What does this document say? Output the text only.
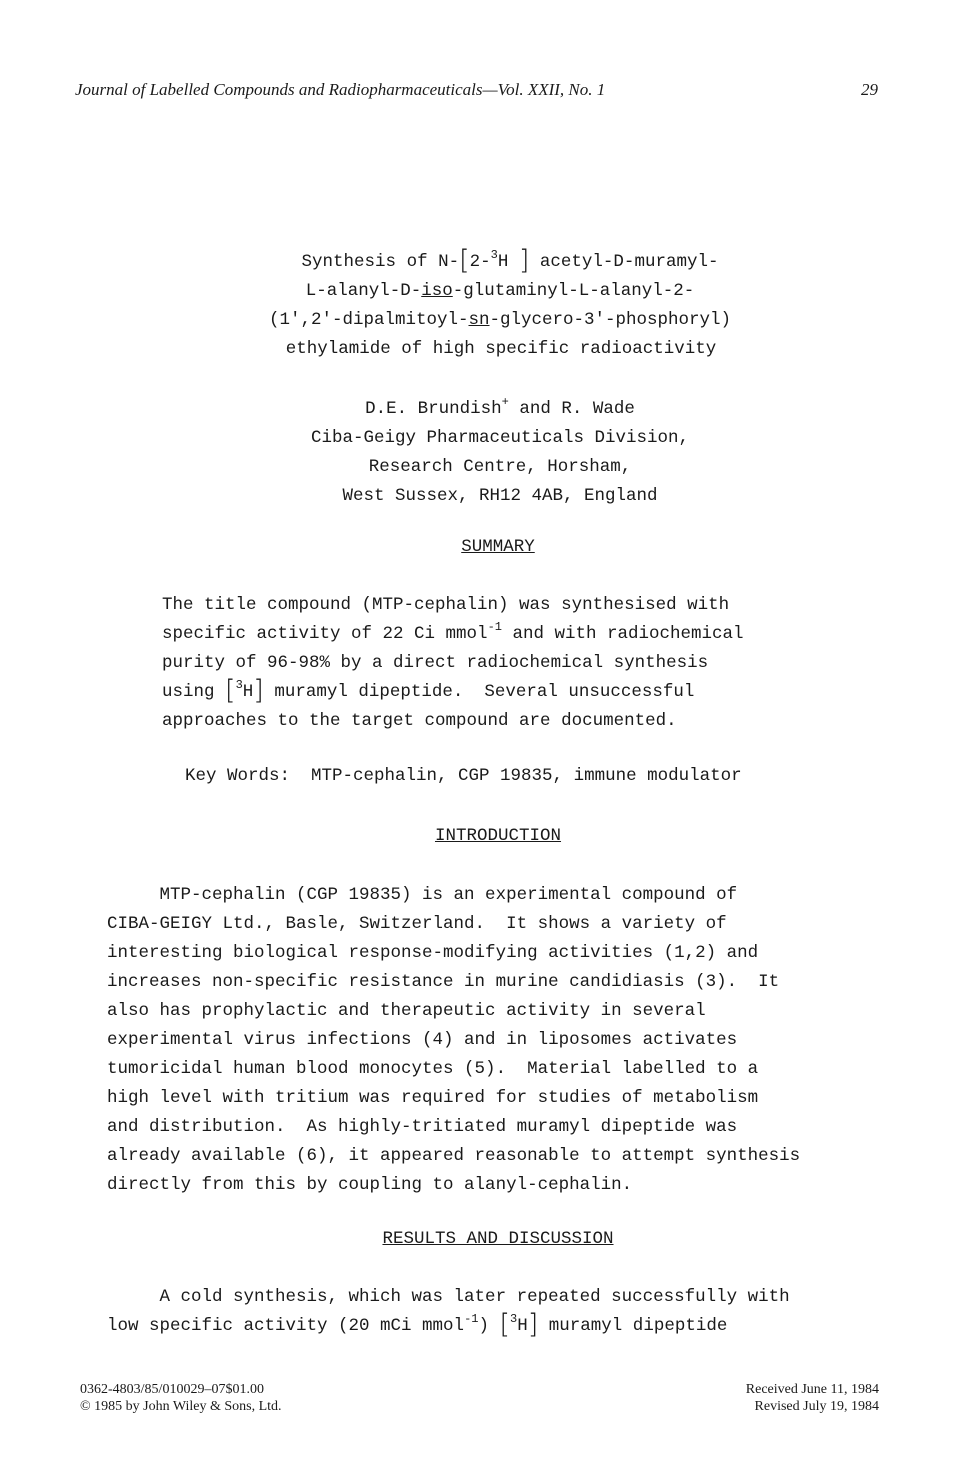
Journal of Labelled Compounds and Radiopharmaceuticals—Vol. XXII, No. 1	29
Synthesis of N-[2-$^3$H ] acetyl-D-muramyl-
L-alanyl-D-iso-glutaminyl-L-alanyl-2-
(1',2'-dipalmitoyl-sn-glycero-3'-phosphoryl)
ethylamide of high specific radioactivity
D.E. Brundish+ and R. Wade
Ciba-Geigy Pharmaceuticals Division,
Research Centre, Horsham,
West Sussex, RH12 4AB, England
SUMMARY
The title compound (MTP-cephalin) was synthesised with
specific activity of 22 Ci mmol$^{-1}$ and with radiochemical
purity of 96-98% by a direct radiochemical synthesis
using [$^3$H] muramyl dipeptide.  Several unsuccessful
approaches to the target compound are documented.
Key Words:  MTP-cephalin, CGP 19835, immune modulator
INTRODUCTION
MTP-cephalin (CGP 19835) is an experimental compound of
CIBA-GEIGY Ltd., Basle, Switzerland.  It shows a variety of
interesting biological response-modifying activities (1,2) and
increases non-specific resistance in murine candidiasis (3).  It
also has prophylactic and therapeutic activity in several
experimental virus infections (4) and in liposomes activates
tumoricidal human blood monocytes (5).  Material labelled to a
high level with tritium was required for studies of metabolism
and distribution.  As highly-tritiated muramyl dipeptide was
already available (6), it appeared reasonable to attempt synthesis
directly from this by coupling to alanyl-cephalin.
RESULTS AND DISCUSSION
A cold synthesis, which was later repeated successfully with
low specific activity (20 mCi mmol$^{-1}$) [$^3$H] muramyl dipeptide
0362-4803/85/010029–07$01.00
© 1985 by John Wiley & Sons, Ltd.
Received June 11, 1984
Revised July 19, 1984
